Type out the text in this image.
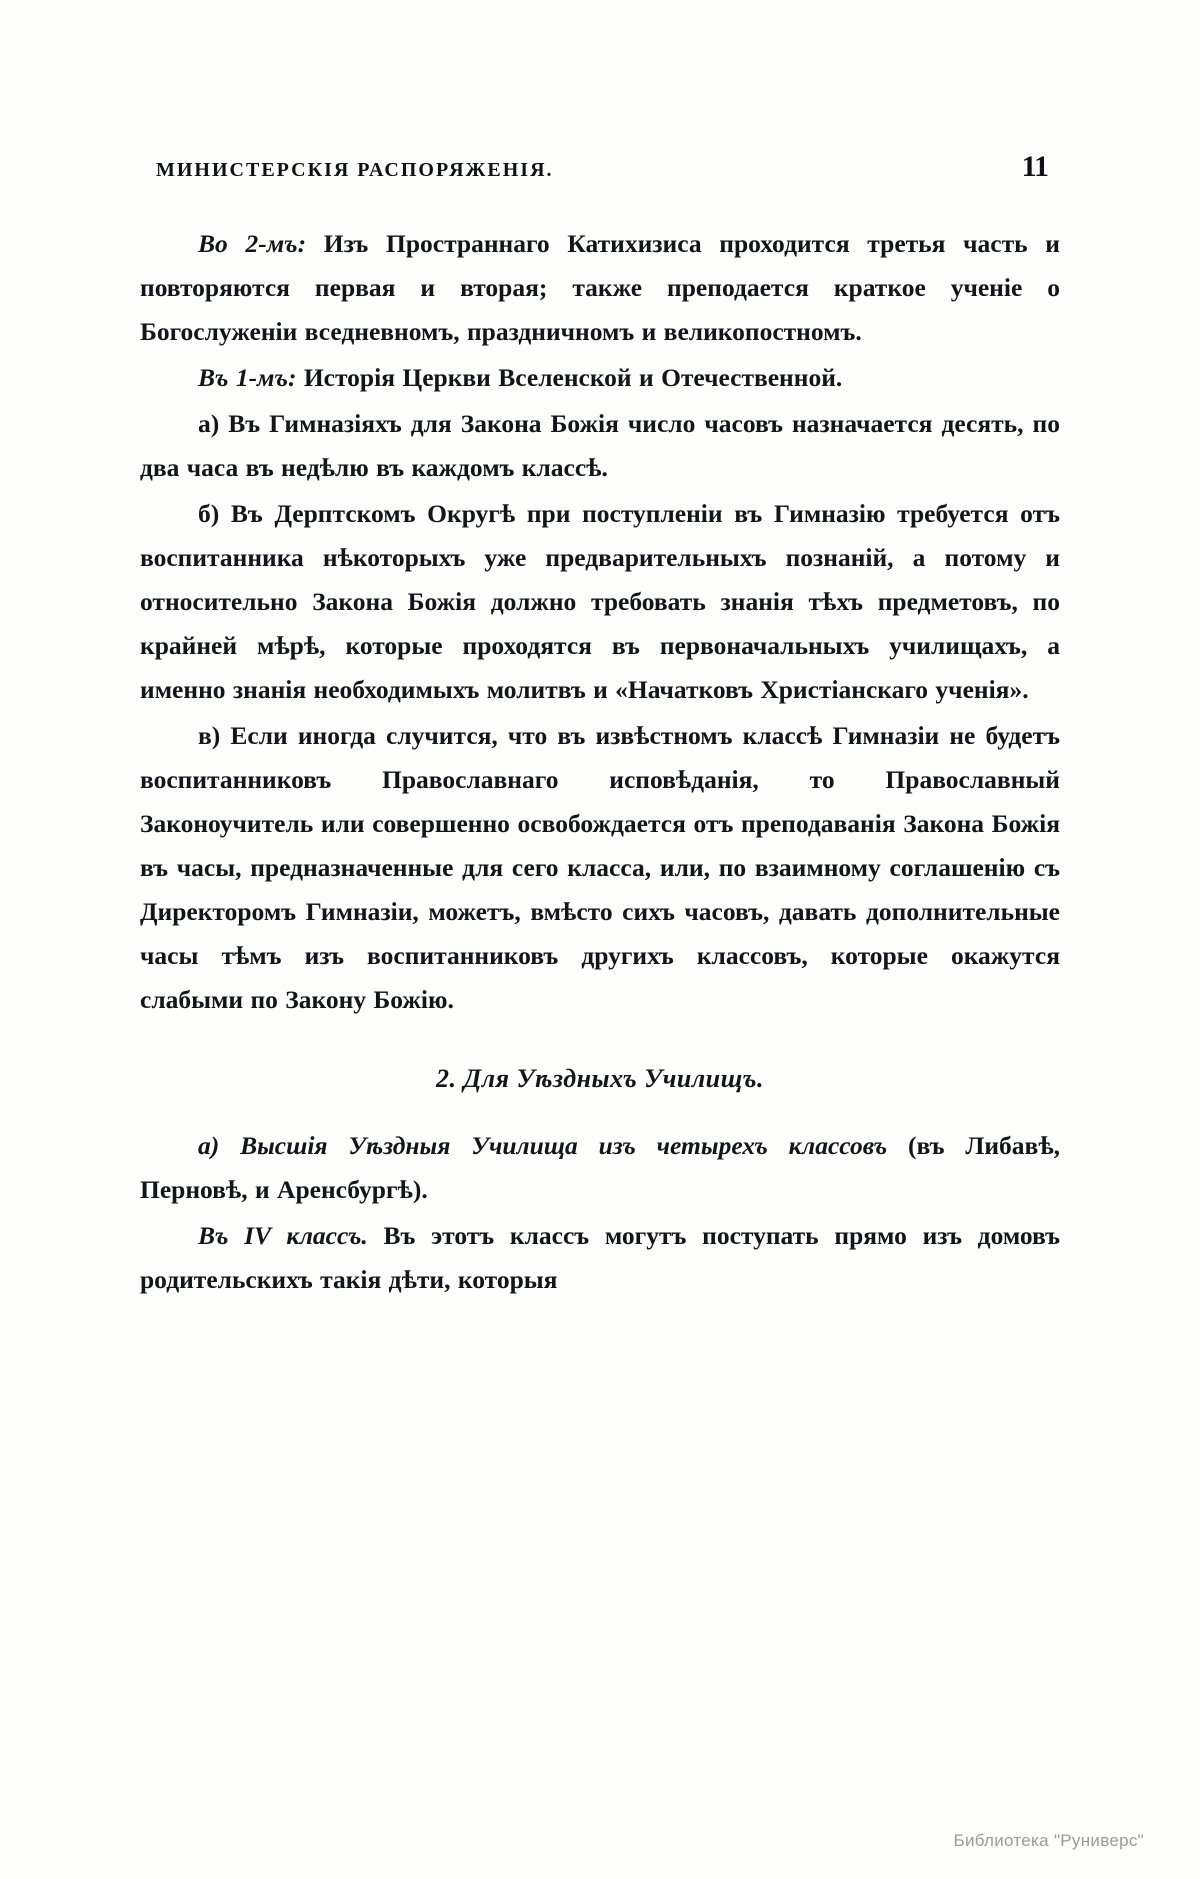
МИНИСТЕРСКІЯ РАСПОРЯЖЕНІЯ.	11

Во 2-мъ: Изъ Пространнаго Катихизиса проходится третья часть и повторяются первая и вторая; также преподается краткое ученіе о Богослуженіи вседневномъ, праздничномъ и великопостномъ.

Въ 1-мъ: Исторія Церкви Вселенской и Отечественной.

а) Въ Гимназіяхъ для Закона Божія число часовъ назначается десять, по два часа въ недѣлю въ каждомъ классѣ.

б) Въ Дерптскомъ Округѣ при поступленіи въ Гимназію требуется отъ воспитанника нѣкоторыхъ уже предварительныхъ познаній, а потому и относительно Закона Божія должно требовать знанія тѣхъ предметовъ, по крайней мѣрѣ, которые проходятся въ первоначальныхъ училищахъ, а именно знанія необходимыхъ молитвъ и «Начатковъ Христіанскаго ученія».

в) Если иногда случится, что въ извѣстномъ классѣ Гимназіи не будетъ воспитанниковъ Православнаго исповѣданія, то Православный Законоучитель или совершенно освобождается отъ преподаванія Закона Божія въ часы, предназначенные для сего класса, или, по взаимному соглашенію съ Директоромъ Гимназіи, можетъ, вмѣсто сихъ часовъ, давать дополнительные часы тѣмъ изъ воспитанниковъ другихъ классовъ, которые окажутся слабыми по Закону Божію.

2. Для Уѣздныхъ Училищъ.

а) Высшія Уѣздныя Училища изъ четырехъ классовъ (въ Либавѣ, Перновѣ, и Аренсбургѣ).

Въ IV классъ. Въ этотъ классъ могутъ поступать прямо изъ домовъ родительскихъ такія дѣти, которыя

Библиотека "Руниверс"
